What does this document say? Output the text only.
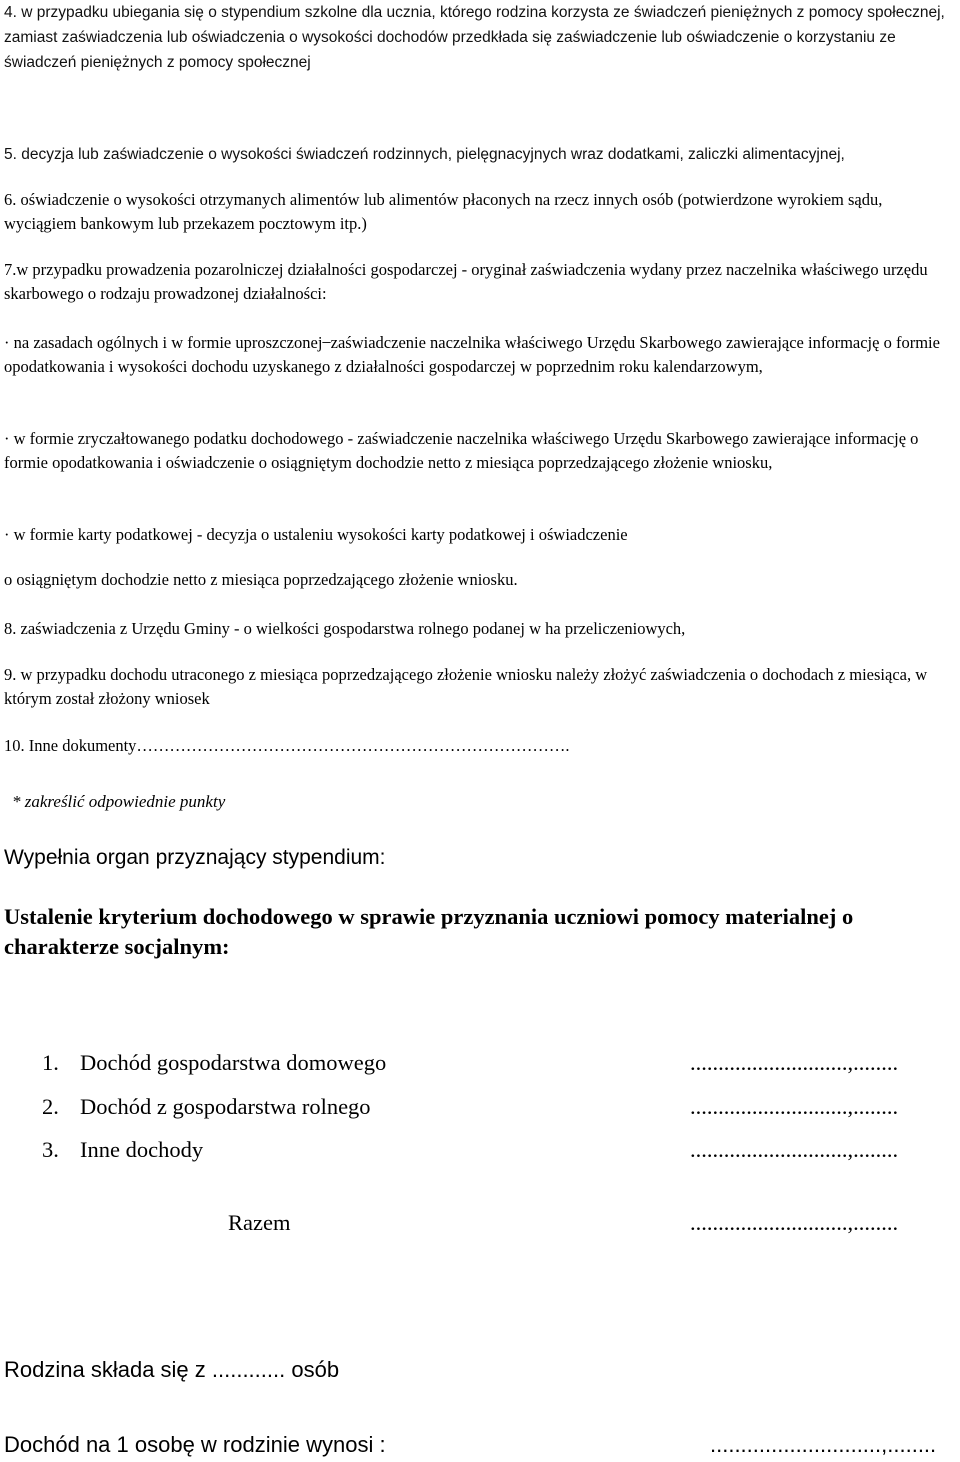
4. w przypadku ubiegania się o stypendium szkolne dla ucznia, którego rodzina korzysta ze świadczeń pieniężnych z pomocy społecznej, zamiast zaświadczenia lub oświadczenia o wysokości dochodów przedkłada się zaświadczenie lub oświadczenie o korzystaniu ze świadczeń pieniężnych z pomocy społecznej

5. decyzja lub zaświadczenie o wysokości świadczeń rodzinnych, pielęgnacyjnych wraz dodatkami, zaliczki alimentacyjnej,

6. oświadczenie o wysokości otrzymanych alimentów lub alimentów płaconych na rzecz innych osób (potwierdzone wyrokiem sądu, wyciągiem bankowym lub przekazem pocztowym itp.)

7.w przypadku prowadzenia pozarolniczej działalności gospodarczej - oryginał zaświadczenia wydany przez naczelnika właściwego urzędu skarbowego o rodzaju prowadzonej działalności:

· na zasadach ogólnych i w formie uproszczonej ̶ zaświadczenie naczelnika właściwego Urzędu Skarbowego zawierające informację o formie opodatkowania i wysokości dochodu uzyskanego z działalności gospodarczej w poprzednim roku kalendarzowym,

· w formie zryczałtowanego podatku dochodowego - zaświadczenie naczelnika właściwego Urzędu Skarbowego zawierające informację o formie opodatkowania i oświadczenie o osiągniętym dochodzie netto z miesiąca poprzedzającego złożenie wniosku,

· w formie karty podatkowej - decyzja o ustaleniu wysokości karty podatkowej i oświadczenie

o osiągniętym dochodzie netto z miesiąca poprzedzającego złożenie wniosku.

8. zaświadczenia z Urzędu Gminy - o wielkości gospodarstwa rolnego podanej w ha przeliczeniowych,

9. w przypadku dochodu utraconego z miesiąca poprzedzającego złożenie wniosku należy złożyć zaświadczenia o dochodach z miesiąca, w którym został złożony wniosek

10. Inne dokumenty…………………………………………………………………….

* zakreślić odpowiednie punkty

Wypełnia organ przyznający stypendium:

Ustalenie kryterium dochodowego w sprawie przyznania uczniowi pomocy materialnej o charakterze socjalnym:

1. Dochód gospodarstwa domowego	............................,........
2. Dochód z gospodarstwa rolnego	............................,........
3. Inne dochody	............................,........
Razem	............................,........

Rodzina składa się z ............ osób

Dochód na 1 osobę w rodzinie wynosi :	............................,........
